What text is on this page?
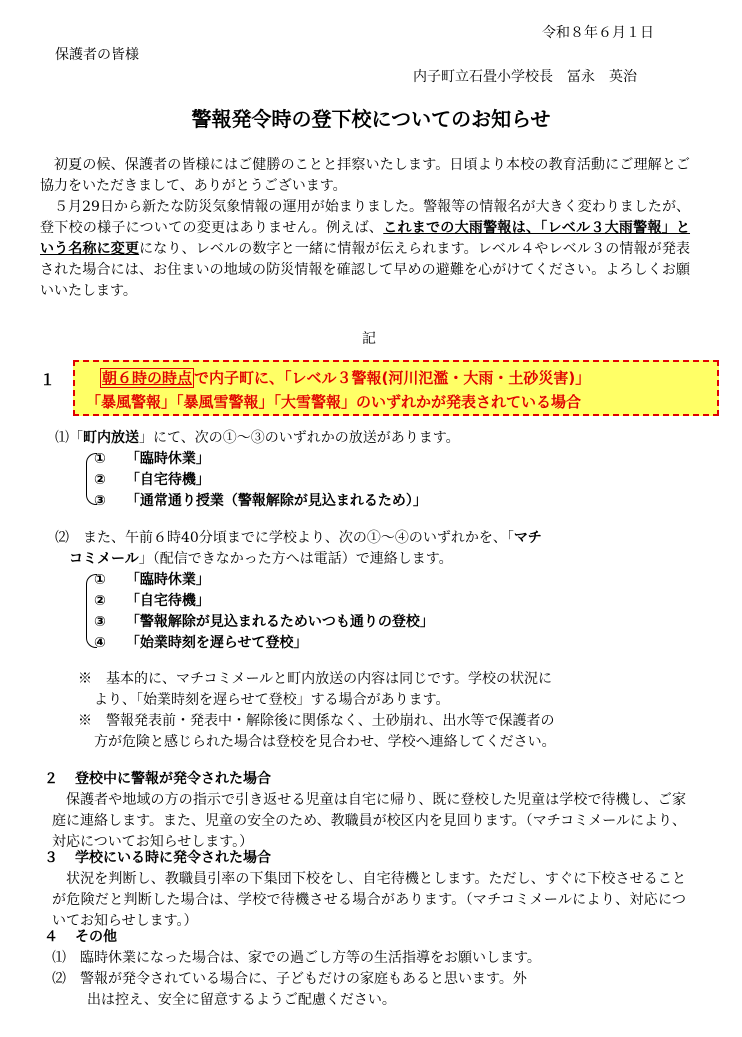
令和８年６月１日
保護者の皆様
内子町立石畳小学校長　冨永　英治
警報発令時の登下校についてのお知らせ
初夏の候、保護者の皆様にはご健勝のことと拝察いたします。日頃より本校の教育活動にご理解とご協力をいただきまして、ありがとうございます。
５月29日から新たな防災気象情報の運用が始まりました。警報等の情報名が大きく変わりましたが、登下校の様子についての変更はありません。例えば、これまでの大雨警報は、「レベル３大雨警報」という名称に変更になり、レベルの数字と一緒に情報が伝えられます。レベル４やレベル３の情報が発表された場合には、お住まいの地域の防災情報を確認して早めの避難を心がけてください。よろしくお願いいたします。
記
１	朝６時の時点 で内子町に、「レベル３警報(河川氾濫・大雨・土砂災害)」
「暴風警報」「暴風雪警報」「大雪警報」のいずれかが発表されている場合
⑴「町内放送」にて、次の①～③のいずれかの放送があります。
① 「臨時休業」
② 「自宅待機」
③ 「通常通り授業（警報解除が見込まれるため）」
⑵　また、午前６時40分頃までに学校より、次の①～④のいずれかを、「マチ
コミメール」（配信できなかった方へは電話）で連絡します。
① 「臨時休業」
② 「自宅待機」
③ 「警報解除が見込まれるためいつも通りの登校」
④ 「始業時刻を遅らせて登校」
※　基本的に、マチコミメールと町内放送の内容は同じです。学校の状況に
より、「始業時刻を遅らせて登校」する場合があります。
※　警報発表前・発表中・解除後に関係なく、土砂崩れ、出水等で保護者の
方が危険と感じられた場合は登校を見合わせ、学校へ連絡してください。
２ 登校中に警報が発令された場合
保護者や地域の方の指示で引き返せる児童は自宅に帰り、既に登校した児童は学校で待機し、ご家庭に連絡します。また、児童の安全のため、教職員が校区内を見回ります。（マチコミメールにより、対応についてお知らせします。）
３ 学校にいる時に発令された場合
状況を判断し、教職員引率の下集団下校をし、自宅待機とします。ただし、すぐに下校させることが危険だと判断した場合は、学校で待機させる場合があります。（マチコミメールにより、対応についてお知らせします。）
４ その他
⑴　臨時休業になった場合は、家での過ごし方等の生活指導をお願いします。
⑵　警報が発令されている場合に、子どもだけの家庭もあると思います。外
出は控え、安全に留意するようご配慮ください。
